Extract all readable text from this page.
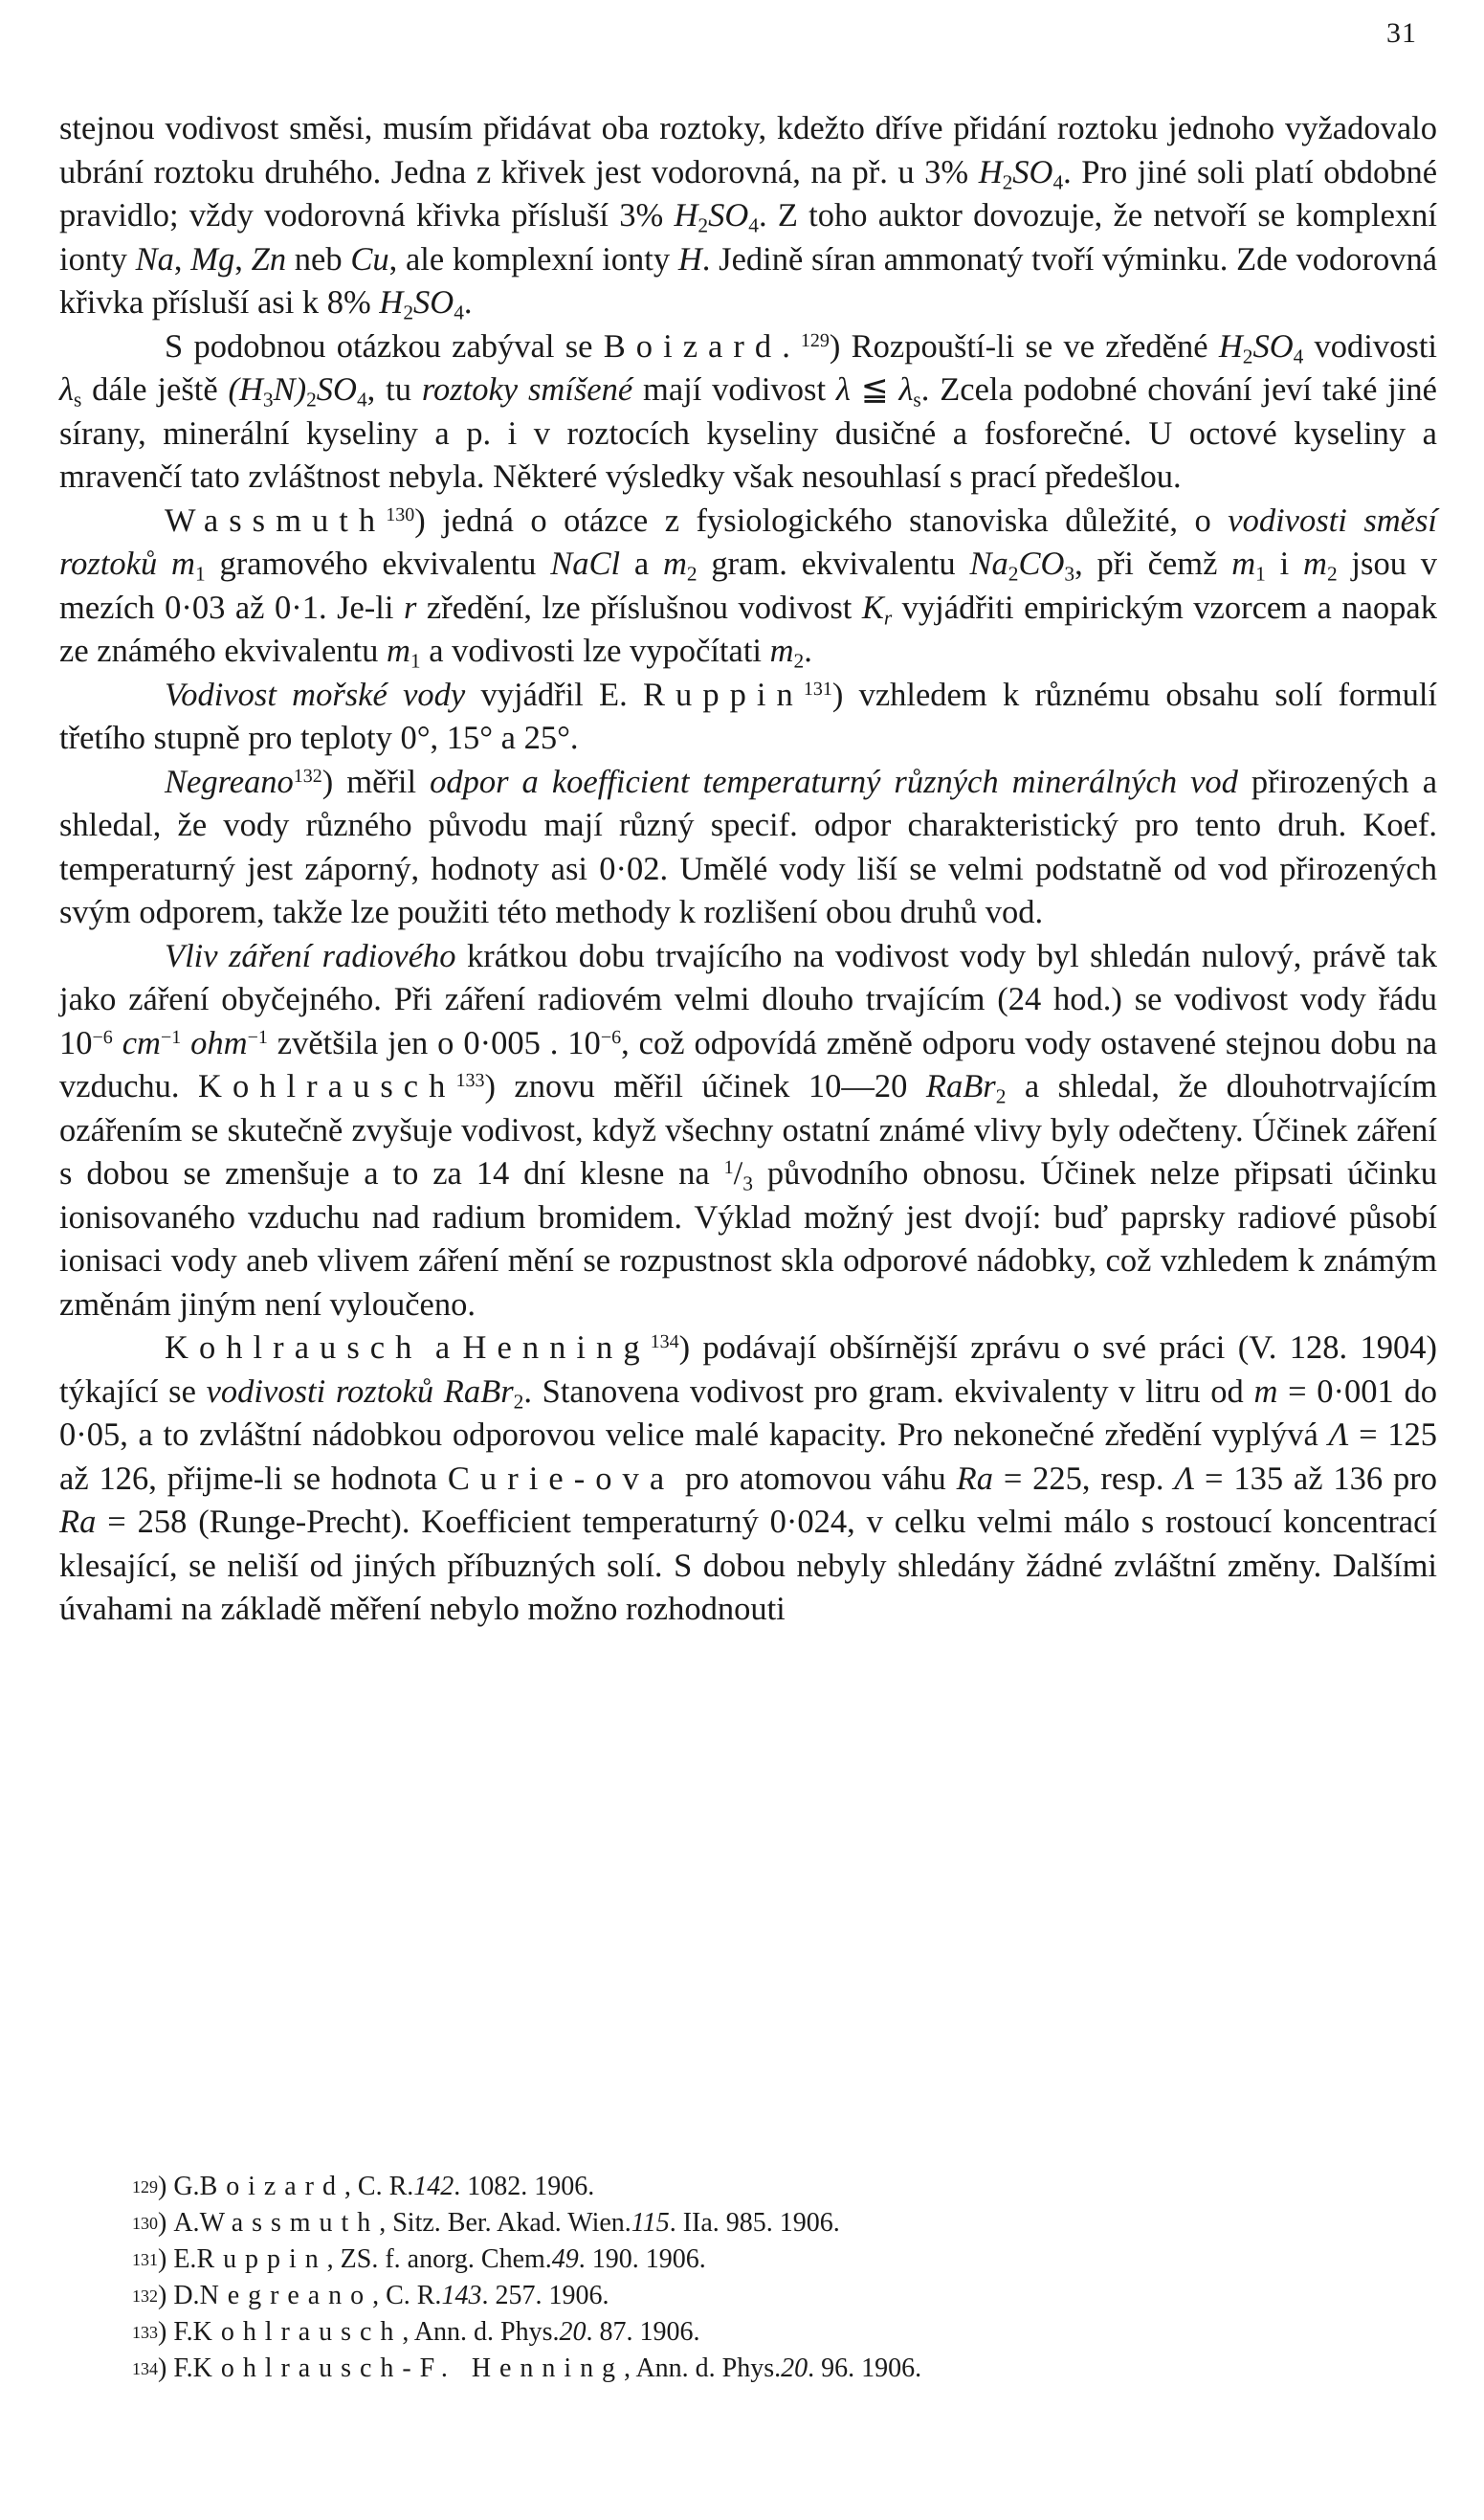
31

stejnou vodivost směsi, musím přidávat oba roztoky, kdežto dříve přidání roztoku jednoho vyžadovalo ubrání roztoku druhého. Jedna z křivek jest vodorovná, na př. u 3% $H_2SO_4$. Pro jiné soli platí obdobné pravidlo; vždy vodorovná křivka přísluší 3% $H_2SO_4$. Z toho auktor dovozuje, že netvoří se komplexní ionty Na, Mg, Zn neb Cu, ale komplexní ionty H. Jedině síran ammonatý tvoří výminku. Zde vodorovná křivka přísluší asi k 8% $H_2SO_4$.

S podobnou otázkou zabýval se Boizard.$^{129}$) Rozpouští-li se ve zředěné $H_2SO_4$ vodivosti $\lambda_s$ dále ještě $(H_3N)_2SO_4$, tu roztoky smíšené mají vodivost λ ≦ $\lambda_s$. Zcela podobné chování jeví také jiné sírany, minerální kyseliny a p. i v roztocích kyseliny dusičné a fosforečné. U octové kyseliny a mravenčí tato zvláštnost nebyla. Některé výsledky však nesouhlasí s prací předešlou.

Wassmuth$^{130}$) jedná o otázce z fysiologického stanoviska důležité, o vodivosti směsí roztoků $m_1$ gramového ekvivalentu NaCl a $m_2$ gram. ekvivalentu $Na_2CO_3$, při čemž $m_1$ i $m_2$ jsou v mezích 0·03 až 0·1. Je-li r zředění, lze příslušnou vodivost $K_r$ vyjádřiti empirickým vzorcem a naopak ze známého ekvivalentu $m_1$ a vodivosti lze vypočítati $m_2$.

Vodivost mořské vody vyjádřil E. Ruppin$^{131}$) vzhledem k různému obsahu solí formulí třetího stupně pro teploty 0°, 15° a 25°.

Negreano$^{132}$) měřil odpor a koefficient temperaturný různých minerálných vod přirozených a shledal, že vody různého původu mají různý specif. odpor charakteristický pro tento druh. Koef. temperaturný jest záporný, hodnoty asi 0·02. Umělé vody liší se velmi podstatně od vod přirozených svým odporem, takže lze použiti této methody k rozlišení obou druhů vod.

Vliv záření radiového krátkou dobu trvajícího na vodivost vody byl shledán nulový, právě tak jako záření obyčejného. Při záření radiovém velmi dlouho trvajícím (24 hod.) se vodivost vody řádu $10^{-6}$ $cm^{-1}$ ohm$^{-1}$ zvětšila jen o 0·005 . $10^{-6}$, což odpovídá změně odporu vody ostavené stejnou dobu na vzduchu. Kohlrausch$^{133}$) znovu měřil účinek 10—20 RaBr$_2$ a shledal, že dlouhotrvajícím ozářením se skutečně zvyšuje vodivost, když všechny ostatní známé vlivy byly odečteny. Účinek záření s dobou se zmenšuje a to za 14 dní klesne na $^1/_3$ původního obnosu. Účinek nelze připsati účinku ionisovaného vzduchu nad radium bromidem. Výklad možný jest dvojí: buď paprsky radiové působí ionisaci vody aneb vlivem záření mění se rozpustnost skla odporové nádobky, což vzhledem k známým změnám jiným není vyloučeno.

Kohlrausch a Henning$^{134}$) podávají obšírnější zprávu o své práci (V. 128. 1904) týkající se vodivosti roztoků RaBr$_2$. Stanovena vodivost pro gram. ekvivalenty v litru od m = 0·001 do 0·05, a to zvláštní nádobkou odporovou velice malé kapacity. Pro nekonečné zředění vyplývá Λ = 125 až 126, přijme-li se hodnota Curie-ova pro atomovou váhu Ra = 225, resp. Λ = 135 až 136 pro Ra = 258 (Runge-Precht). Koefficient temperaturný 0·024, v celku velmi málo s rostoucí koncentrací klesající, se neliší od jiných příbuzných solí. S dobou nebyly shledány žádné zvláštní změny. Dalšími úvahami na základě měření nebylo možno rozhodnouti

129 ) G. Boizard , C. R. 142 . 1082. 1906.
130 ) A. Wassmuth , Sitz. Ber. Akad. Wien. 115 . IIa. 985. 1906.
131 ) E. Ruppin , ZS. f. anorg. Chem. 49 . 190. 1906.
132 ) D. Negreano , C. R. 143 . 257. 1906.
133 ) F. Kohlrausch , Ann. d. Phys. 20 . 87. 1906.
134 ) F. Kohlrausch-F. Henning , Ann. d. Phys. 20 . 96. 1906.
